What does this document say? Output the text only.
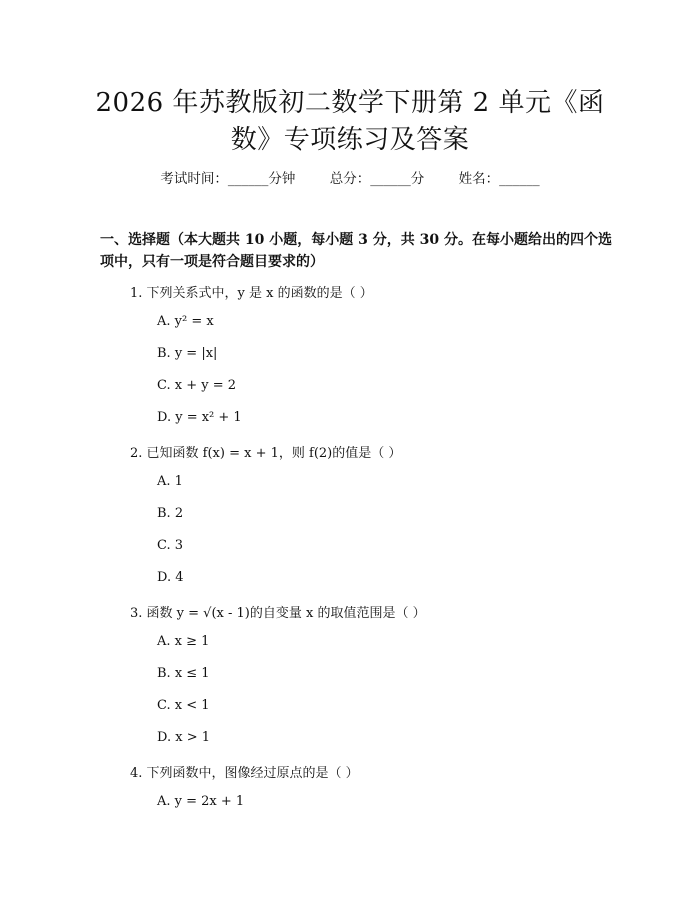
2026 年苏教版初二数学下册第 2 单元《函
数》专项练习及答案
考试时间：______分钟	总分：______分	姓名：______
一、选择题（本大题共 10 小题，每小题 3 分，共 30 分。在每小题给出的四个选
项中，只有一项是符合题目要求的）
1. 下列关系式中，y 是 x 的函数的是（ ）
A. y² = x
B. y = |x|
C. x + y = 2
D. y = x² + 1
2. 已知函数 f(x) = x + 1，则 f(2)的值是（ ）
A. 1
B. 2
C. 3
D. 4
3. 函数 y = √(x - 1)的自变量 x 的取值范围是（ ）
A. x ≥ 1
B. x ≤ 1
C. x < 1
D. x > 1
4. 下列函数中，图像经过原点的是（ ）
A. y = 2x + 1
